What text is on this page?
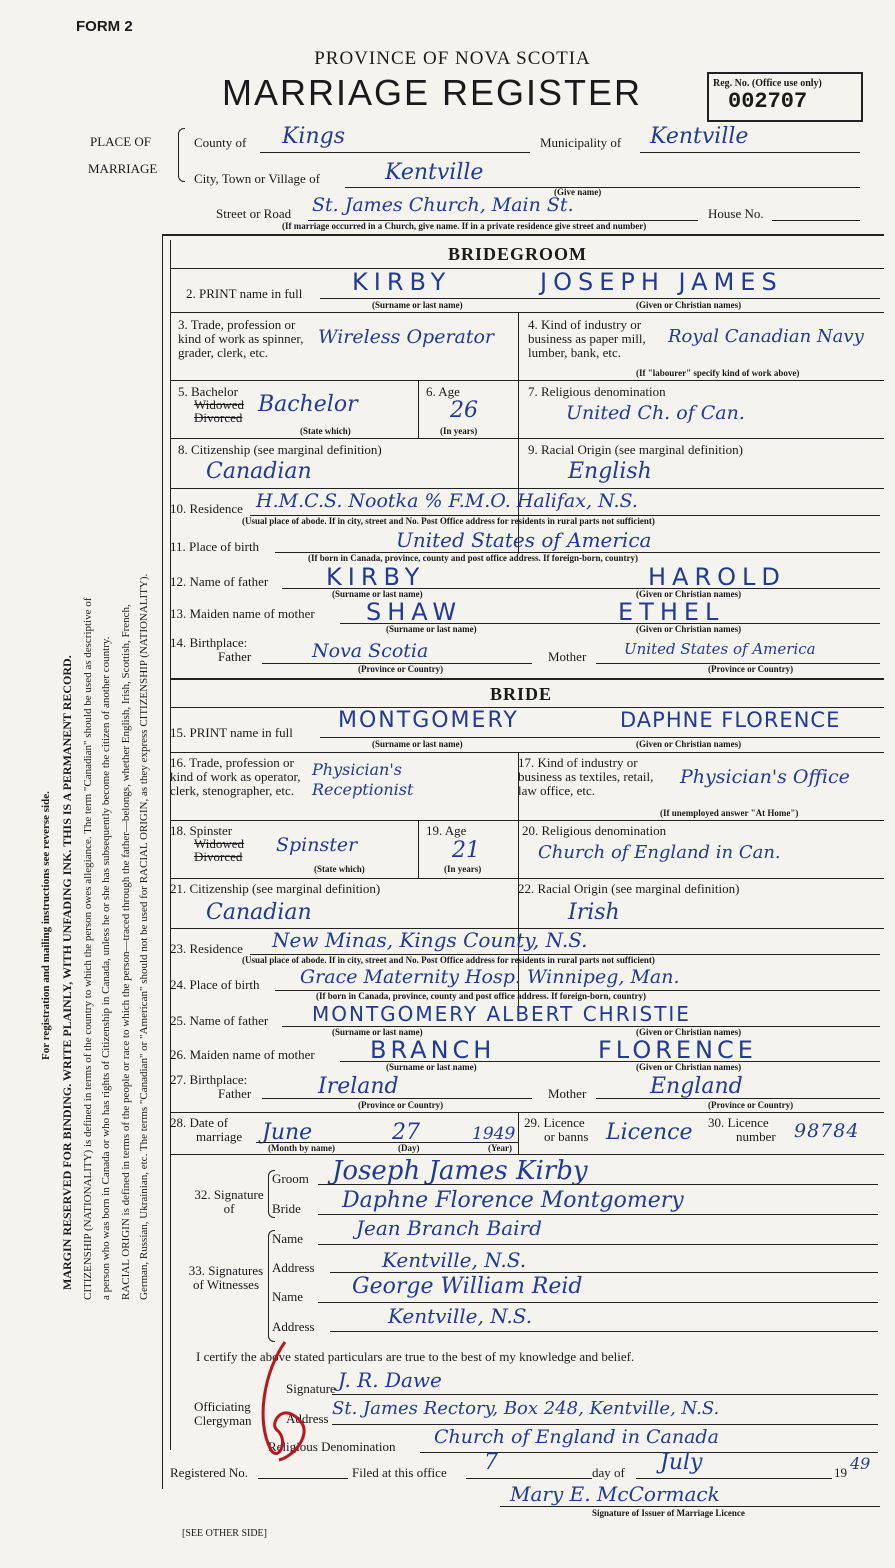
FORM 2
PROVINCE OF NOVA SCOTIA
MARRIAGE REGISTER	Reg. No. (Office use only)
002707
For registration and mailing instructions see reverse side. MARGIN RESERVED FOR BINDING. WRITE PLAINLY, WITH UNFADING INK. THIS IS A PERMANENT RECORD. CITIZENSHIP (NATIONALITY) is defined in terms of the country to which the person owes allegiance. The term "Canadian" should be used as descriptive of a person who was born in Canada or who has rights of Citizenship in Canada, unless he or she has subsequently become the citizen of another country. RACIAL ORIGIN is defined in terms of the people or race to which the person—traced through the father—belongs, whether English, Irish, Scottish, French, German, Russian, Ukrainian, etc. The terms "Canadian" or "American" should not be used for RACIAL ORIGIN, as they express CITIZENSHIP (NATIONALITY).
PLACE OF
MARRIAGE
County of Kings	Municipality of Kentville
City, Town or Village of	Kentville
(Give name)
Street or Road St. James Church, Main St.	House No.
(If marriage occurred in a Church, give name. If in a private residence give street and number)
BRIDEGROOM
2. PRINT name in full KIRBY	JOSEPH JAMES
(Surname or last name)	(Given or Christian names)
3. Trade, profession or kind of work as spinner, grader, clerk, etc.
Wireless Operator
4. Kind of industry or business as paper mill, lumber, bank, etc.
Royal Canadian Navy
(If "labourer" specify kind of work above)
5. Bachelor
Widowed
Divorced
Bachelor
(State which)
6. Age
26
(In years)
7. Religious denomination
United Ch. of Can.
8. Citizenship (see marginal definition)
Canadian
9. Racial Origin (see marginal definition)
English
10. Residence H.M.C.S. Nootka % F.M.O. Halifax, N.S.
(Usual place of abode. If in city, street and No. Post Office address for residents in rural parts not sufficient)
11. Place of birth	United States of America
(If born in Canada, province, county and post office address. If foreign-born, country)
12. Name of father KIRBY	HAROLD
(Surname or last name)	(Given or Christian names)
13. Maiden name of mother SHAW	ETHEL
(Surname or last name)	(Given or Christian names)
14. Birthplace:
Father	Nova Scotia	Mother	United States of America
(Province or Country)	(Province or Country)
BRIDE
15. PRINT name in full MONTGOMERY	DAPHNE FLORENCE
(Surname or last name)	(Given or Christian names)
16. Trade, profession or kind of work as operator, clerk, stenographer, etc.
Physician's Receptionist
17. Kind of industry or business as textiles, retail, law office, etc.
Physician's Office
(If unemployed answer "At Home")
18. Spinster
Widowed
Divorced
Spinster
(State which)
19. Age
21
(In years)
20. Religious denomination
Church of England in Can.
21. Citizenship (see marginal definition)
Canadian
22. Racial Origin (see marginal definition)
Irish
23. Residence New Minas, Kings County, N.S.
(Usual place of abode. If in city, street and No. Post Office address for residents in rural parts not sufficient)
24. Place of birth Grace Maternity Hosp. Winnipeg, Man.
(If born in Canada, province, county and post office address. If foreign-born, country)
25. Name of father MONTGOMERY ALBERT CHRISTIE
(Surname or last name)	(Given or Christian names)
26. Maiden name of mother BRANCH	FLORENCE
(Surname or last name)	(Given or Christian names)
27. Birthplace:
Father	Ireland	Mother	England
(Province or Country)	(Province or Country)
28. Date of
marriage June	27	1949
(Month by name)	(Day)	(Year)
29. Licence
or banns Licence 30. Licence
number 98784
32. Signature of
Groom Joseph James Kirby
Bride Daphne Florence Montgomery
33. Signatures of Witnesses
Name	Jean Branch Baird
Address	Kentville, N.S.
Name George William Reid
Address	Kentville, N.S.
I certify the above stated particulars are true to the best of my knowledge and belief.
Signature J. R. Dawe
Officiating Clergyman	Address St. James Rectory, Box 248, Kentville, N.S.
Religious Denomination Church of England in Canada
Registered No.	Filed at this office 7	day of July	19 49
Mary E. McCormack
Signature of Issuer of Marriage Licence
[SEE OTHER SIDE]
